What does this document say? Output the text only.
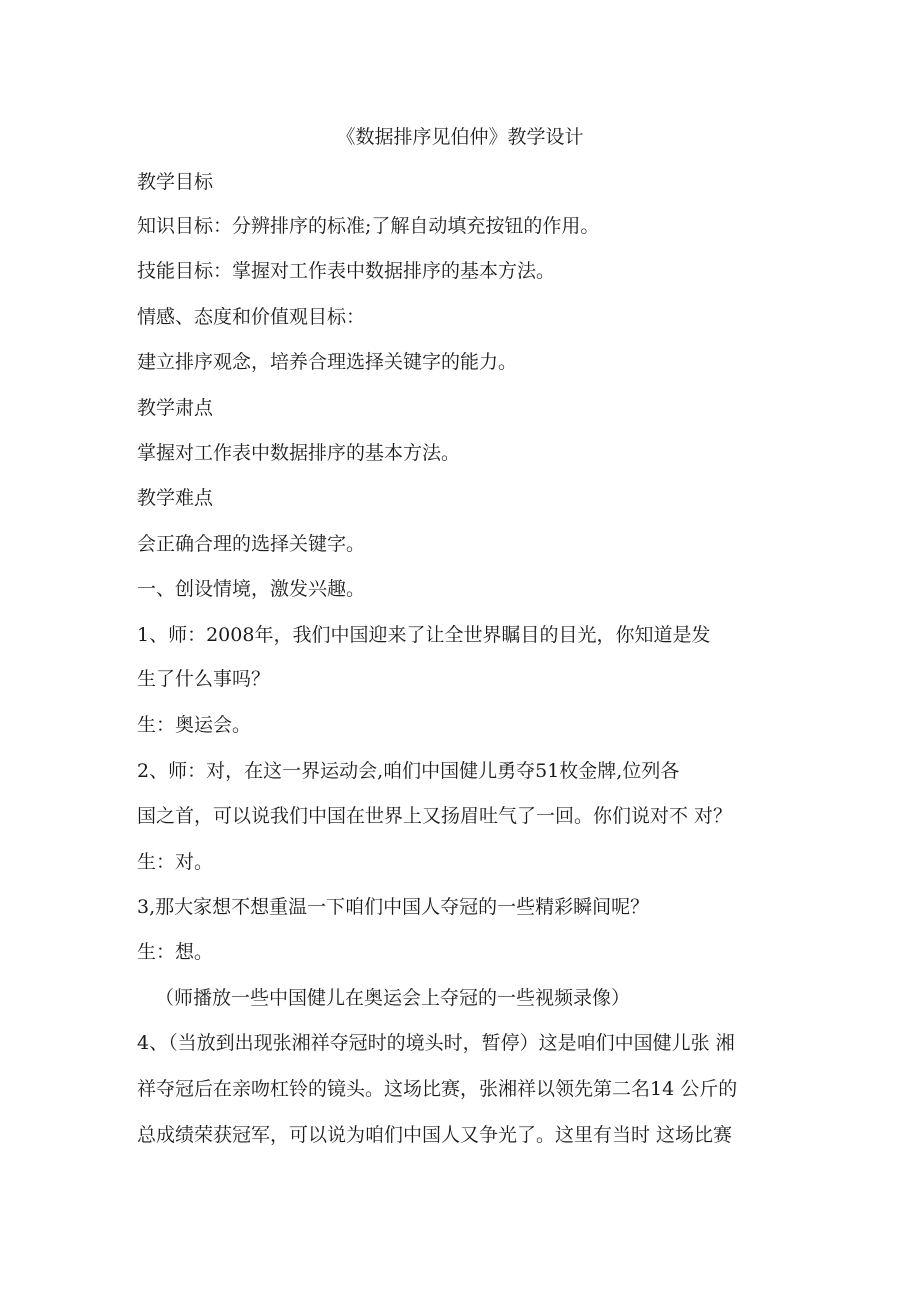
《数据排序见伯仲》教学设计
教学目标
知识目标：分辨排序的标准;了解自动填充按钮的作用。
技能目标：掌握对工作表中数据排序的基本方法。
情感、态度和价值观目标：
建立排序观念，培养合理选择关键字的能力。
教学肃点
掌握对工作表中数据排序的基本方法。
教学难点
会正确合理的选择关键字。
一、创设情境，激发兴趣。
1、师：2008年，我们中国迎来了让全世界瞩目的目光，你知道是发
生了什么事吗？
生：奥运会。
2、师：对，在这一界运动会,咱们中国健儿勇夺51枚金牌,位列各
国之首，可以说我们中国在世界上又扬眉吐气了一回。你们说对不 对？
生：对。
3,那大家想不想重温一下咱们中国人夺冠的一些精彩瞬间呢？
生：想。
（师播放一些中国健儿在奥运会上夺冠的一些视频录像）
4、（当放到出现张湘祥夺冠时的境头时，暂停）这是咱们中国健儿张 湘
祥夺冠后在亲吻杠铃的镜头。这场比赛，张湘祥以领先第二名14 公斤的
总成绩荣获冠军，可以说为咱们中国人又争光了。这里有当时 这场比赛
